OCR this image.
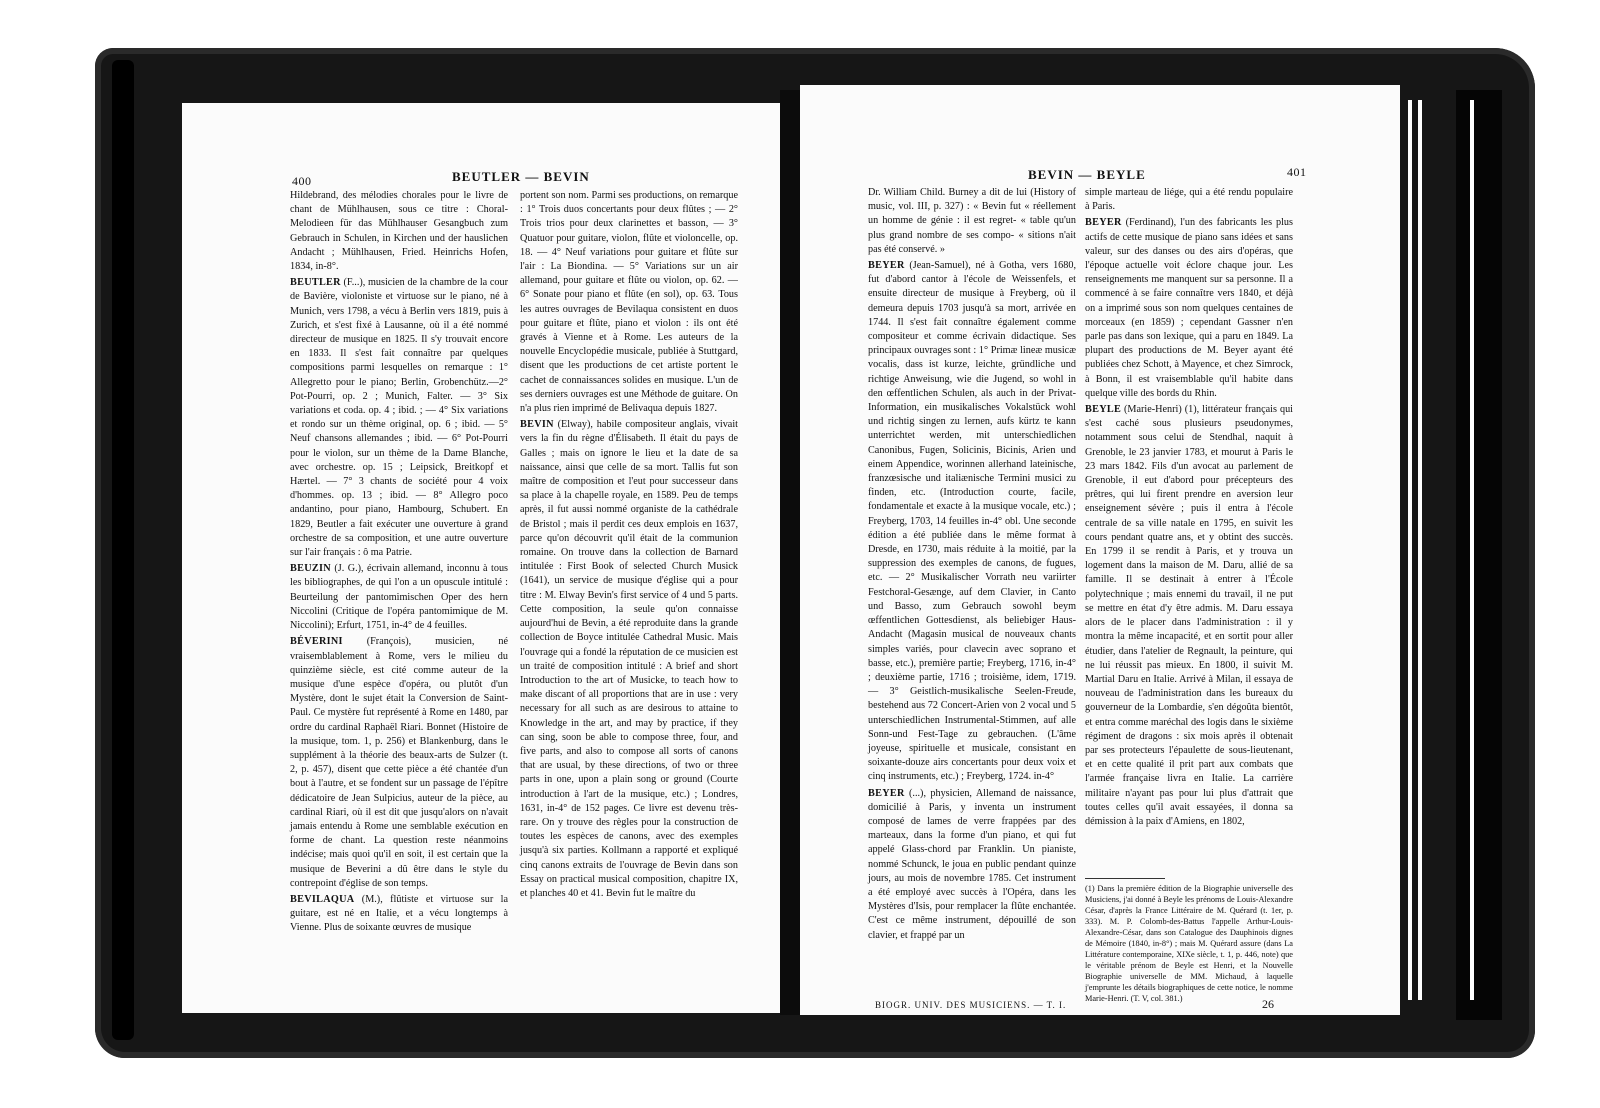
400	BEUTLER — BEVIN

Hildebrand, des mélodies chorales pour le livre de chant de Mühlhausen, sous ce titre : Choral-Melodieen für das Mühlhauser Gesangbuch zum Gebrauch in Schulen, in Kirchen und der hauslichen Andacht ; Mühlhausen, Fried. Heinrichs Hofen, 1834, in-8°.

BEUTLER (F...), musicien de la chambre de la cour de Bavière, violoniste et virtuose sur le piano, né à Munich, vers 1798, a vécu à Berlin vers 1819, puis à Zurich, et s'est fixé à Lausanne, où il a été nommé directeur de musique en 1825. Il s'y trouvait encore en 1833. Il s'est fait connaître par quelques compositions parmi lesquelles on remarque : 1° Allegretto pour le piano; Berlin, Grobenchütz.—2° Pot-Pourri, op. 2 ; Munich, Falter. — 3° Six variations et coda. op. 4 ; ibid. ; — 4° Six variations et rondo sur un thème original, op. 6 ; ibid. — 5° Neuf chansons allemandes ; ibid. — 6° Pot-Pourri pour le violon, sur un thème de la Dame Blanche, avec orchestre. op. 15 ; Leipsick, Breitkopf et Hærtel. — 7° 3 chants de société pour 4 voix d'hommes. op. 13 ; ibid. — 8° Allegro poco andantino, pour piano, Hambourg, Schubert. En 1829, Beutler a fait exécuter une ouverture à grand orchestre de sa composition, et une autre ouverture sur l'air français : ô ma Patrie.

BEUZIN (J. G.), écrivain allemand, inconnu à tous les bibliographes, de qui l'on a un opuscule intitulé : Beurteilung der pantomimischen Oper des hern Niccolini (Critique de l'opéra pantomimique de M. Niccolini); Erfurt, 1751, in-4° de 4 feuilles.

BÉVERINI (François), musicien, né vraisemblablement à Rome, vers le milieu du quinzième siècle, est cité comme auteur de la musique d'une espèce d'opéra, ou plutôt d'un Mystère, dont le sujet était la Conversion de Saint-Paul. Ce mystère fut représenté à Rome en 1480, par ordre du cardinal Raphaël Riari. Bonnet (Histoire de la musique, tom. 1, p. 256) et Blankenburg, dans le supplément à la théorie des beaux-arts de Sulzer (t. 2, p. 457), disent que cette pièce a été chantée d'un bout à l'autre, et se fondent sur un passage de l'épître dédicatoire de Jean Sulpicius, auteur de la pièce, au cardinal Riari, où il est dit que jusqu'alors on n'avait jamais entendu à Rome une semblable exécution en forme de chant. La question reste néanmoins indécise; mais quoi qu'il en soit, il est certain que la musique de Beverini a dû être dans le style du contrepoint d'église de son temps.

BEVILAQUA (M.), flûtiste et virtuose sur la guitare, est né en Italie, et a vécu longtemps à Vienne. Plus de soixante œuvres de musique

portent son nom. Parmi ses productions, on remarque : 1° Trois duos concertants pour deux flûtes ; — 2° Trois trios pour deux clarinettes et basson, — 3° Quatuor pour guitare, violon, flûte et violoncelle, op. 18. — 4° Neuf variations pour guitare et flûte sur l'air : La Biondina. — 5° Variations sur un air allemand, pour guitare et flûte ou violon, op. 62. — 6° Sonate pour piano et flûte (en sol), op. 63. Tous les autres ouvrages de Bevilaqua consistent en duos pour guitare et flûte, piano et violon : ils ont été gravés à Vienne et à Rome. Les auteurs de la nouvelle Encyclopédie musicale, publiée à Stuttgard, disent que les productions de cet artiste portent le cachet de connaissances solides en musique. L'un de ses derniers ouvrages est une Méthode de guitare. On n'a plus rien imprimé de Belivaqua depuis 1827.

BEVIN (Elway), habile compositeur anglais, vivait vers la fin du règne d'Élisabeth. Il était du pays de Galles ; mais on ignore le lieu et la date de sa naissance, ainsi que celle de sa mort. Tallis fut son maître de composition et l'eut pour successeur dans sa place à la chapelle royale, en 1589. Peu de temps après, il fut aussi nommé organiste de la cathédrale de Bristol ; mais il perdit ces deux emplois en 1637, parce qu'on découvrit qu'il était de la communion romaine. On trouve dans la collection de Barnard intitulée : First Book of selected Church Musick (1641), un service de musique d'église qui a pour titre : M. Elway Bevin's first service of 4 und 5 parts. Cette composition, la seule qu'on connaisse aujourd'hui de Bevin, a été reproduite dans la grande collection de Boyce intitulée Cathedral Music. Mais l'ouvrage qui a fondé la réputation de ce musicien est un traité de composition intitulé : A brief and short Introduction to the art of Musicke, to teach how to make discant of all proportions that are in use : very necessary for all such as are desirous to attaine to Knowledge in the art, and may by practice, if they can sing, soon be able to compose three, four, and five parts, and also to compose all sorts of canons that are usual, by these directions, of two or three parts in one, upon a plain song or ground (Courte introduction à l'art de la musique, etc.) ; Londres, 1631, in-4° de 152 pages. Ce livre est devenu très-rare. On y trouve des règles pour la construction de toutes les espèces de canons, avec des exemples jusqu'à six parties. Kollmann a rapporté et expliqué cinq canons extraits de l'ouvrage de Bevin dans son Essay on practical musical composition, chapitre IX, et planches 40 et 41. Bevin fut le maître du

BEVIN — BEYLE	401

Dr. William Child. Burney a dit de lui (History of music, vol. III, p. 327) : « Bevin fut « réellement un homme de génie : il est regret- « table qu'un plus grand nombre de ses compo- « sitions n'ait pas été conservé. »

BEYER (Jean-Samuel), né à Gotha, vers 1680, fut d'abord cantor à l'école de Weissenfels, et ensuite directeur de musique à Freyberg, où il demeura depuis 1703 jusqu'à sa mort, arrivée en 1744. Il s'est fait connaître également comme compositeur et comme écrivain didactique. Ses principaux ouvrages sont : 1° Primæ lineæ musicæ vocalis, dass ist kurze, leichte, gründliche und richtige Anweisung, wie die Jugend, so wohl in den œffentlichen Schulen, als auch in der Privat-Information, ein musikalisches Vokalstück wohl und richtig singen zu lernen, aufs kürtz te kann unterrichtet werden, mit unterschiedlichen Canonibus, Fugen, Solicinis, Bicinis, Arien und einem Appendice, worinnen allerhand lateinische, franzœsische und italiænische Termini musici zu finden, etc. (Introduction courte, facile, fondamentale et exacte à la musique vocale, etc.) ; Freyberg, 1703, 14 feuilles in-4° obl. Une seconde édition a été publiée dans le même format à Dresde, en 1730, mais réduite à la moitié, par la suppression des exemples de canons, de fugues, etc. — 2° Musikalischer Vorrath neu variirter Festchoral-Gesænge, auf dem Clavier, in Canto und Basso, zum Gebrauch sowohl beym œffentlichen Gottesdienst, als beliebiger Haus-Andacht (Magasin musical de nouveaux chants simples variés, pour clavecin avec soprano et basse, etc.), première partie; Freyberg, 1716, in-4° ; deuxième partie, 1716 ; troisième, idem, 1719. — 3° Geistlich-musikalische Seelen-Freude, bestehend aus 72 Concert-Arien von 2 vocal und 5 unterschiedlichen Instrumental-Stimmen, auf alle Sonn-und Fest-Tage zu gebrauchen. (L'âme joyeuse, spirituelle et musicale, consistant en soixante-douze airs concertants pour deux voix et cinq instruments, etc.) ; Freyberg, 1724. in-4°

BEYER (...), physicien, Allemand de naissance, domicilié à Paris, y inventa un instrument composé de lames de verre frappées par des marteaux, dans la forme d'un piano, et qui fut appelé Glass-chord par Franklin. Un pianiste, nommé Schunck, le joua en public pendant quinze jours, au mois de novembre 1785. Cet instrument a été employé avec succès à l'Opéra, dans les Mystères d'Isis, pour remplacer la flûte enchantée. C'est ce même instrument, dépouillé de son clavier, et frappé par un

simple marteau de liége, qui a été rendu populaire à Paris.

BEYER (Ferdinand), l'un des fabricants les plus actifs de cette musique de piano sans idées et sans valeur, sur des danses ou des airs d'opéras, que l'époque actuelle voit éclore chaque jour. Les renseignements me manquent sur sa personne. Il a commencé à se faire connaître vers 1840, et déjà on a imprimé sous son nom quelques centaines de morceaux (en 1859) ; cependant Gassner n'en parle pas dans son lexique, qui a paru en 1849. La plupart des productions de M. Beyer ayant été publiées chez Schott, à Mayence, et chez Simrock, à Bonn, il est vraisemblable qu'il habite dans quelque ville des bords du Rhin.

BEYLE (Marie-Henri) (1), littérateur français qui s'est caché sous plusieurs pseudonymes, notamment sous celui de Stendhal, naquit à Grenoble, le 23 janvier 1783, et mourut à Paris le 23 mars 1842. Fils d'un avocat au parlement de Grenoble, il eut d'abord pour précepteurs des prêtres, qui lui firent prendre en aversion leur enseignement sévère ; puis il entra à l'école centrale de sa ville natale en 1795, en suivit les cours pendant quatre ans, et y obtint des succès. En 1799 il se rendit à Paris, et y trouva un logement dans la maison de M. Daru, allié de sa famille. Il se destinait à entrer à l'École polytechnique ; mais ennemi du travail, il ne put se mettre en état d'y être admis. M. Daru essaya alors de le placer dans l'administration : il y montra la même incapacité, et en sortit pour aller étudier, dans l'atelier de Regnault, la peinture, qui ne lui réussit pas mieux. En 1800, il suivit M. Martial Daru en Italie. Arrivé à Milan, il essaya de nouveau de l'administration dans les bureaux du gouverneur de la Lombardie, s'en dégoûta bientôt, et entra comme maréchal des logis dans le sixième régiment de dragons : six mois après il obtenait par ses protecteurs l'épaulette de sous-lieutenant, et en cette qualité il prit part aux combats que l'armée française livra en Italie. La carrière militaire n'ayant pas pour lui plus d'attrait que toutes celles qu'il avait essayées, il donna sa démission à la paix d'Amiens, en 1802,

(1) Dans la première édition de la Biographie universelle des Musiciens, j'ai donné à Beyle les prénoms de Louis-Alexandre César, d'après la France Littéraire de M. Quérard (t. 1er, p. 333). M. P. Colomb-des-Battus l'appelle Arthur-Louis-Alexandre-César, dans son Catalogue des Dauphinois dignes de Mémoire (1840, in-8°) ; mais M. Quérard assure (dans La Littérature contemporaine, XIXe siècle, t. 1, p. 446, note) que le véritable prénom de Beyle est Henri, et la Nouvelle Biographie universelle de MM. Michaud, à laquelle j'emprunte les détails biographiques de cette notice, le nomme Marie-Henri. (T. V, col. 381.)
BIOGR. UNIV. DES MUSICIENS. — T. I.	26
